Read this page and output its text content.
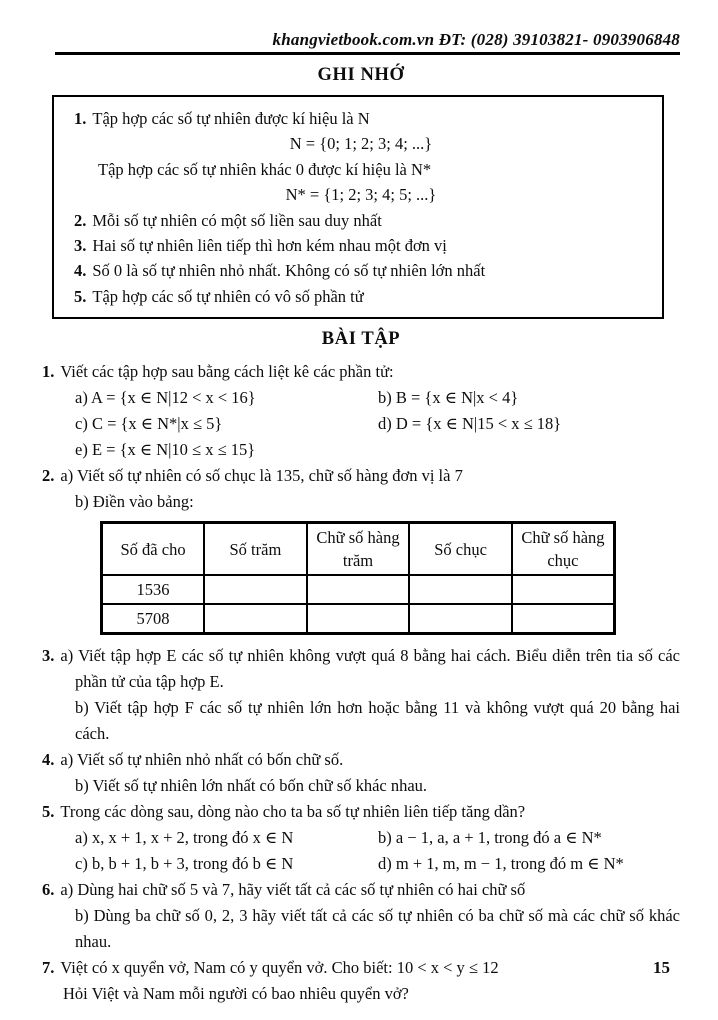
khangvietbook.com.vn ĐT: (028) 39103821- 0903906848
GHI NHỚ
1. Tập hợp các số tự nhiên được kí hiệu là N
N = {0; 1; 2; 3; 4; ...}
Tập hợp các số tự nhiên khác 0 được kí hiệu là N*
N* = {1; 2; 3; 4; 5; ...}
2. Mỗi số tự nhiên có một số liền sau duy nhất
3. Hai số tự nhiên liên tiếp thì hơn kém nhau một đơn vị
4. Số 0 là số tự nhiên nhỏ nhất. Không có số tự nhiên lớn nhất
5. Tập hợp các số tự nhiên có vô số phần tử
BÀI TẬP
1. Viết các tập hợp sau bằng cách liệt kê các phần tử:
a) A = {x ∈ N|12 < x < 16}	b) B = {x ∈ N|x < 4}
c) C = {x ∈ N*|x ≤ 5}	d) D = {x ∈ N|15 < x ≤ 18}
e) E = {x ∈ N|10 ≤ x ≤ 15}
2. a) Viết số tự nhiên có số chục là 135, chữ số hàng đơn vị là 7
b) Điền vào bảng:
Số đã cho	Số trăm	Chữ số hàng trăm	Số chục	Chữ số hàng chục
1536				
5708				
3. a) Viết tập hợp E các số tự nhiên không vượt quá 8 bằng hai cách. Biểu diễn trên tia số các phần tử của tập hợp E.
b) Viết tập hợp F các số tự nhiên lớn hơn hoặc bằng 11 và không vượt quá 20 bằng hai cách.
4. a) Viết số tự nhiên nhỏ nhất có bốn chữ số.
b) Viết số tự nhiên lớn nhất có bốn chữ số khác nhau.
5. Trong các dòng sau, dòng nào cho ta ba số tự nhiên liên tiếp tăng dần?
a) x, x + 1, x + 2, trong đó x ∈ N	b) a − 1, a, a + 1, trong đó a ∈ N*
c) b, b + 1, b + 3, trong đó b ∈ N	d) m + 1, m, m − 1, trong đó m ∈ N*
6. a) Dùng hai chữ số 5 và 7, hãy viết tất cả các số tự nhiên có hai chữ số
b) Dùng ba chữ số 0, 2, 3 hãy viết tất cả các số tự nhiên có ba chữ số mà các chữ số khác nhau.
7. Việt có x quyển vở, Nam có y quyển vở. Cho biết: 10 < x < y ≤ 12
Hỏi Việt và Nam mỗi người có bao nhiêu quyển vở?
15
